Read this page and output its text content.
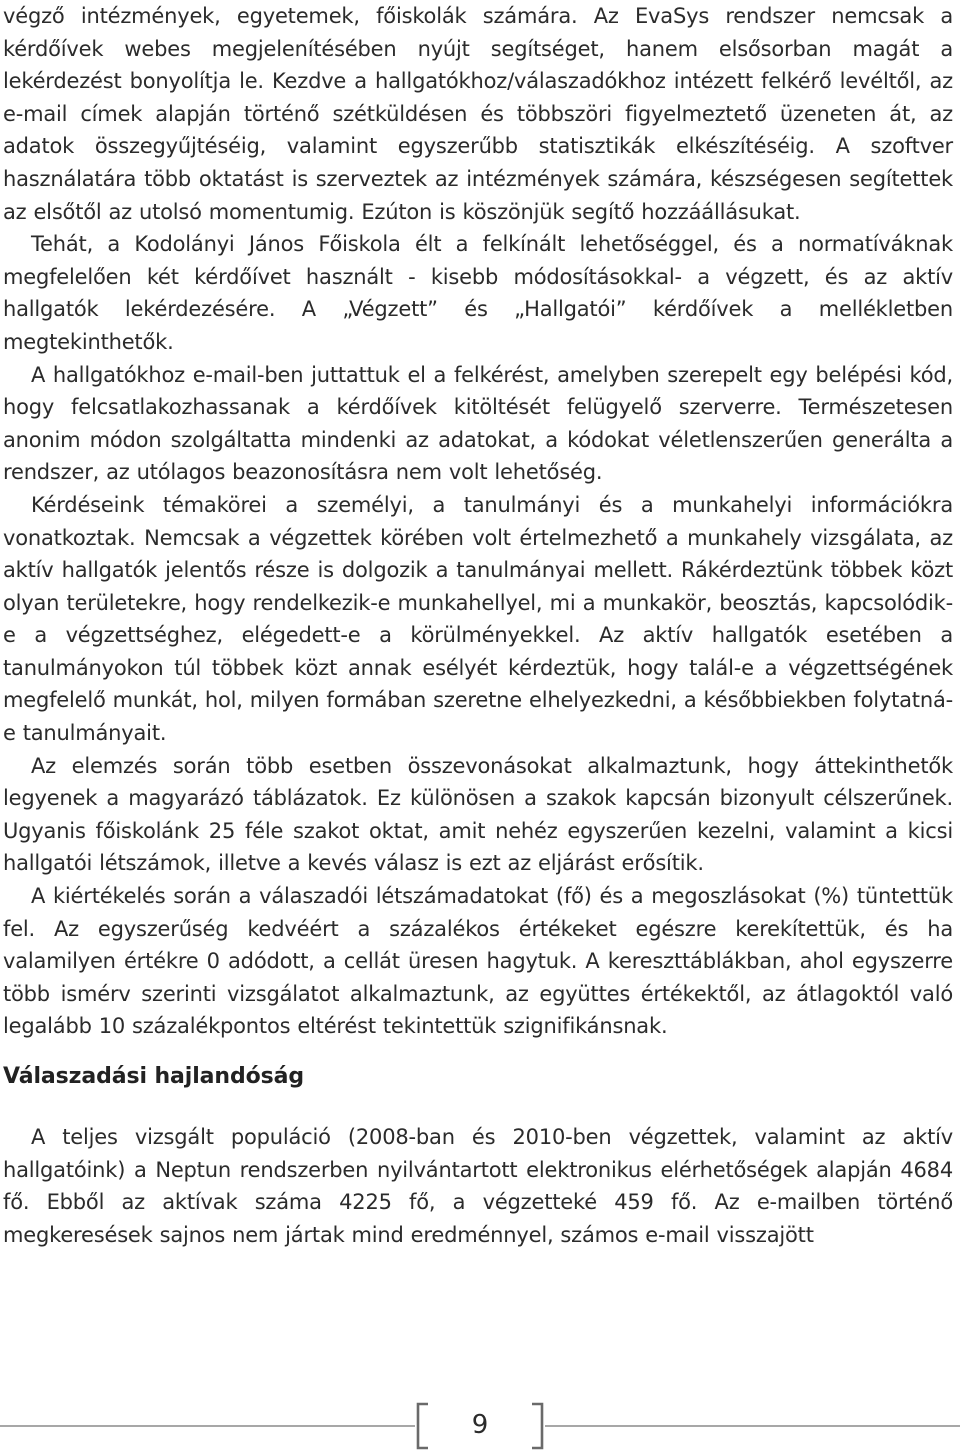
végző intézmények, egyetemek, főiskolák számára. Az EvaSys rendszer nemcsak a kérdőívek webes megjelenítésében nyújt segítséget, hanem elsősorban magát a lekérdezést bonyolítja le. Kezdve a hallgatókhoz/válaszadókhoz intézett felkérő levéltől, az e-mail címek alapján történő szétküldésen és többszöri figyelmeztető üzeneten át, az adatok összegyűjtéséig, valamint egyszerűbb statisztikák elkészítéséig. A szoftver használatára több oktatást is szerveztek az intézmények számára, készségesen segítettek az elsőtől az utolsó momentumig. Ezúton is köszönjük segítő hozzáállásukat.

Tehát, a Kodolányi János Főiskola élt a felkínált lehetőséggel, és a normatíváknak megfelelően két kérdőívet használt - kisebb módosításokkal- a végzett, és az aktív hallgatók lekérdezésére. A „Végzett” és „Hallgatói” kérdőívek a mellékletben megtekinthetők.

A hallgatókhoz e-mail-ben juttattuk el a felkérést, amelyben szerepelt egy belépési kód, hogy felcsatlakozhassanak a kérdőívek kitöltését felügyelő szerverre. Természetesen anonim módon szolgáltatta mindenki az adatokat, a kódokat véletlenszerűen generálta a rendszer, az utólagos beazonosításra nem volt lehetőség.

Kérdéseink témakörei a személyi, a tanulmányi és a munkahelyi információkra vonatkoztak. Nemcsak a végzettek körében volt értelmezhető a munkahely vizsgálata, az aktív hallgatók jelentős része is dolgozik a tanulmányai mellett. Rákérdeztünk többek közt olyan területekre, hogy rendelkezik-e munkahellyel, mi a munkakör, beosztás, kapcsolódik-e a végzettséghez, elégedett-e a körülményekkel. Az aktív hallgatók esetében a tanulmányokon túl többek közt annak esélyét kérdeztük, hogy talál-e a végzettségének megfelelő munkát, hol, milyen formában szeretne elhelyezkedni, a későbbiekben folytatná-e tanulmányait.

Az elemzés során több esetben összevonásokat alkalmaztunk, hogy áttekinthetők legyenek a magyarázó táblázatok. Ez különösen a szakok kapcsán bizonyult célszerűnek. Ugyanis főiskolánk 25 féle szakot oktat, amit nehéz egyszerűen kezelni, valamint a kicsi hallgatói létszámok, illetve a kevés válasz is ezt az eljárást erősítik.

A kiértékelés során a válaszadói létszámadatokat (fő) és a megoszlásokat (%) tüntettük fel. Az egyszerűség kedvéért a százalékos értékeket egészre kerekítettük, és ha valamilyen értékre 0 adódott, a cellát üresen hagytuk. A kereszttáblákban, ahol egyszerre több ismérv szerinti vizsgálatot alkalmaztunk, az együttes értékektől, az átlagoktól való legalább 10 százalékpontos eltérést tekintettük szignifikánsnak.

Válaszadási hajlandóság

A teljes vizsgált populáció (2008-ban és 2010-ben végzettek, valamint az aktív hallgatóink) a Neptun rendszerben nyilvántartott elektronikus elérhetőségek alapján 4684 fő. Ebből az aktívak száma 4225 fő, a végzetteké 459 fő. Az e-mailben történő megkeresések sajnos nem jártak mind eredménnyel, számos e-mail visszajött

9
